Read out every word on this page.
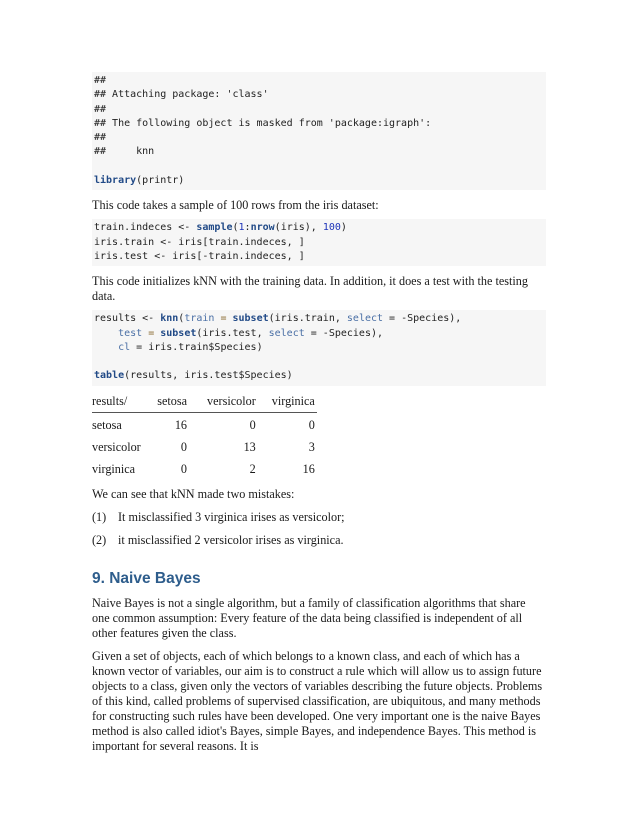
##
## Attaching package: 'class'
##
## The following object is masked from 'package:igraph':
##
##     knn

library(printr)

This code takes a sample of 100 rows from the iris dataset:

train.indeces <- sample(1:nrow(iris), 100)
iris.train <- iris[train.indeces, ]
iris.test <- iris[-train.indeces, ]

This code initializes kNN with the training data. In addition, it does a test with the testing data.

results <- knn(train = subset(iris.train, select = -Species),
test = subset(iris.test, select = -Species),
cl = iris.train$Species)

table(results, iris.test$Species)
results/	setosa	versicolor	virginica
setosa	16	0	0
versicolor	0	13	3
virginica	0	2	16

We can see that kNN made two mistakes:

(1) It misclassified 3 virginica irises as versicolor;

(2) it misclassified 2 versicolor irises as virginica.

9. Naive Bayes

Naive Bayes is not a single algorithm, but a family of classification algorithms that share one common assumption: Every feature of the data being classified is independent of all other features given the class.

Given a set of objects, each of which belongs to a known class, and each of which has a known vector of variables, our aim is to construct a rule which will allow us to assign future objects to a class, given only the vectors of variables describing the future objects. Problems of this kind, called problems of supervised classification, are ubiquitous, and many methods for constructing such rules have been developed. One very important one is the naive Bayes method is also called idiot's Bayes, simple Bayes, and independence Bayes. This method is important for several reasons. It is
